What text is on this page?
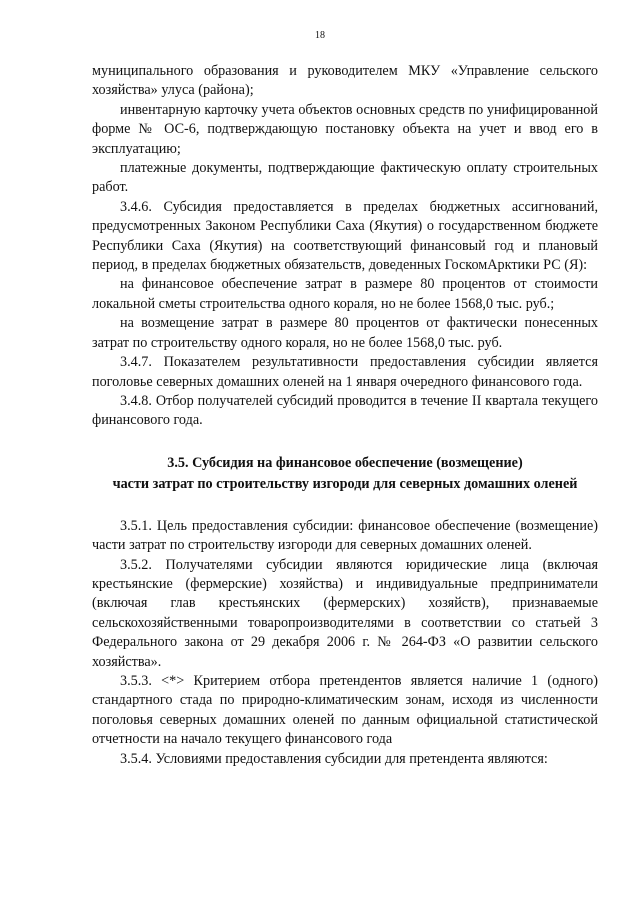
18

муниципального образования и руководителем МКУ «Управление сельского хозяйства» улуса (района);

инвентарную карточку учета объектов основных средств по унифицированной форме № ОС-6, подтверждающую постановку объекта на учет и ввод его в эксплуатацию;

платежные документы, подтверждающие фактическую оплату строительных работ.

3.4.6. Субсидия предоставляется в пределах бюджетных ассигнований, предусмотренных Законом Республики Саха (Якутия) о государственном бюджете Республики Саха (Якутия) на соответствующий финансовый год и плановый период, в пределах бюджетных обязательств, доведенных ГоскомАрктики РС (Я):

на финансовое обеспечение затрат в размере 80 процентов от стоимости локальной сметы строительства одного кораля, но не более 1568,0 тыс. руб.;

на возмещение затрат в размере 80 процентов от фактически понесенных затрат по строительству одного кораля, но не более 1568,0 тыс. руб.

3.4.7. Показателем результативности предоставления субсидии является поголовье северных домашних оленей на 1 января очередного финансового года.

3.4.8. Отбор получателей субсидий проводится в течение II квартала текущего финансового года.

3.5. Субсидия на финансовое обеспечение (возмещение)
части затрат по строительству изгороди для северных домашних оленей

3.5.1. Цель предоставления субсидии: финансовое обеспечение (возмещение) части затрат по строительству изгороди для северных домашних оленей.

3.5.2. Получателями субсидии являются юридические лица (включая крестьянские (фермерские) хозяйства) и индивидуальные предприниматели (включая глав крестьянских (фермерских) хозяйств), признаваемые сельскохозяйственными товаропроизводителями в соответствии со статьей 3 Федерального закона от 29 декабря 2006 г. № 264-ФЗ «О развитии сельского хозяйства».

3.5.3. <*> Критерием отбора претендентов является наличие 1 (одного) стандартного стада по природно-климатическим зонам, исходя из численности поголовья северных домашних оленей по данным официальной статистической отчетности на начало текущего финансового года

3.5.4. Условиями предоставления субсидии для претендента являются:
